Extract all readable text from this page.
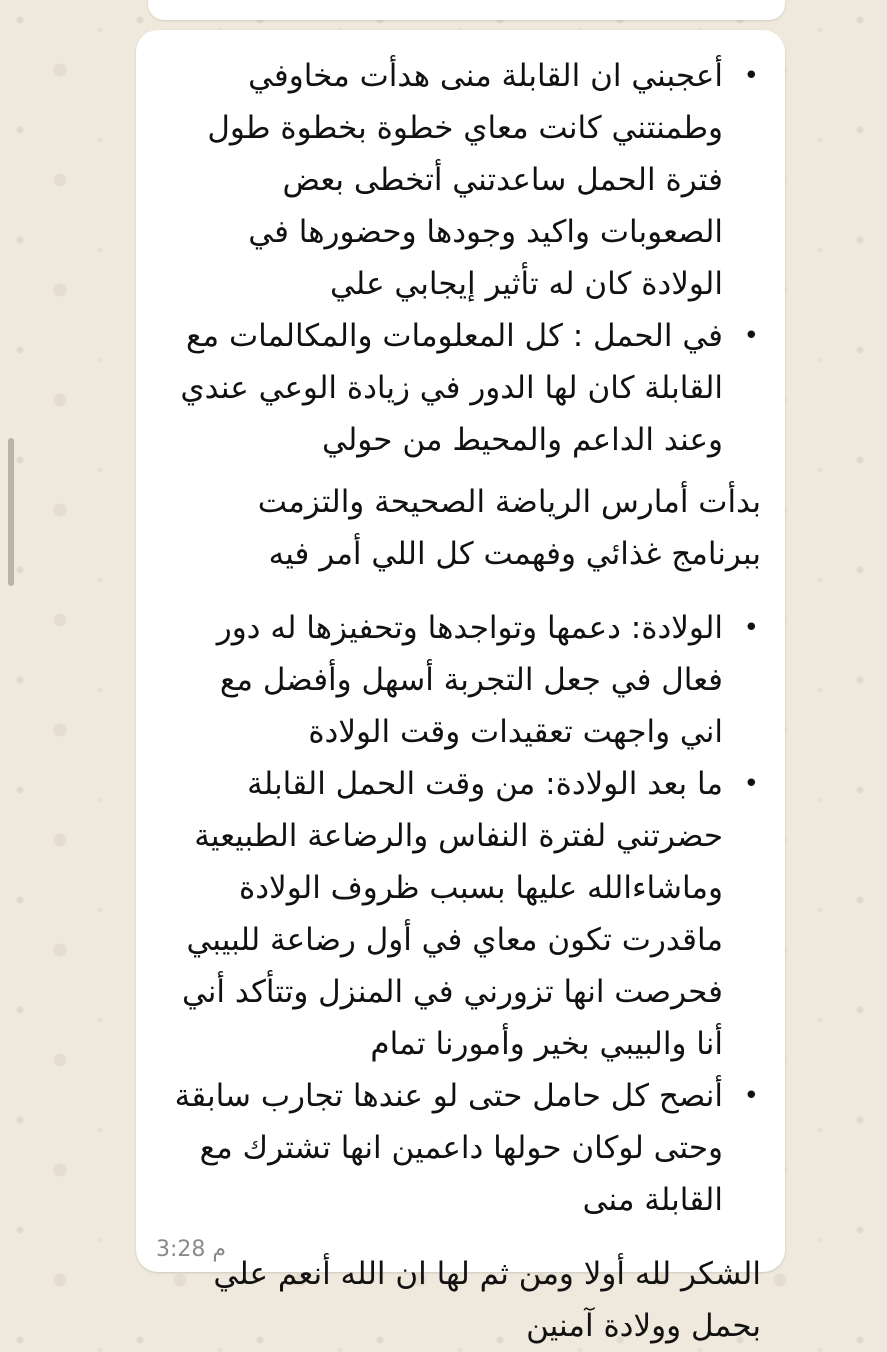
•
أعجبني ان القابلة منى هدأت مخاوفي وطمنتني كانت معاي خطوة بخطوة طول فترة الحمل ساعدتني أتخطى بعض الصعوبات واكيد وجودها وحضورها في الولادة كان له تأثير إيجابي علي
•
في الحمل : كل المعلومات والمكالمات مع القابلة كان لها الدور في زيادة الوعي عندي وعند الداعم والمحيط من حولي

بدأت أمارس الرياضة الصحيحة والتزمت ببرنامج غذائي وفهمت كل اللي أمر فيه

•
الولادة: دعمها وتواجدها وتحفيزها له دور فعال في جعل التجربة أسهل وأفضل مع اني واجهت تعقيدات وقت الولادة
•
ما بعد الولادة: من وقت الحمل القابلة حضرتني لفترة النفاس والرضاعة الطبيعية وماشاءالله عليها بسبب ظروف الولادة ماقدرت تكون معاي في أول رضاعة للبيبي فحرصت انها تزورني في المنزل وتتأكد أني أنا والبيبي بخير وأمورنا تمام
•
أنصح كل حامل حتى لو عندها تجارب سابقة وحتى لوكان حولها داعمين انها تشترك مع القابلة منى

الشكر لله أولا ومن ثم لها ان الله أنعم علي بحمل وولادة آمنين

3:28 م
